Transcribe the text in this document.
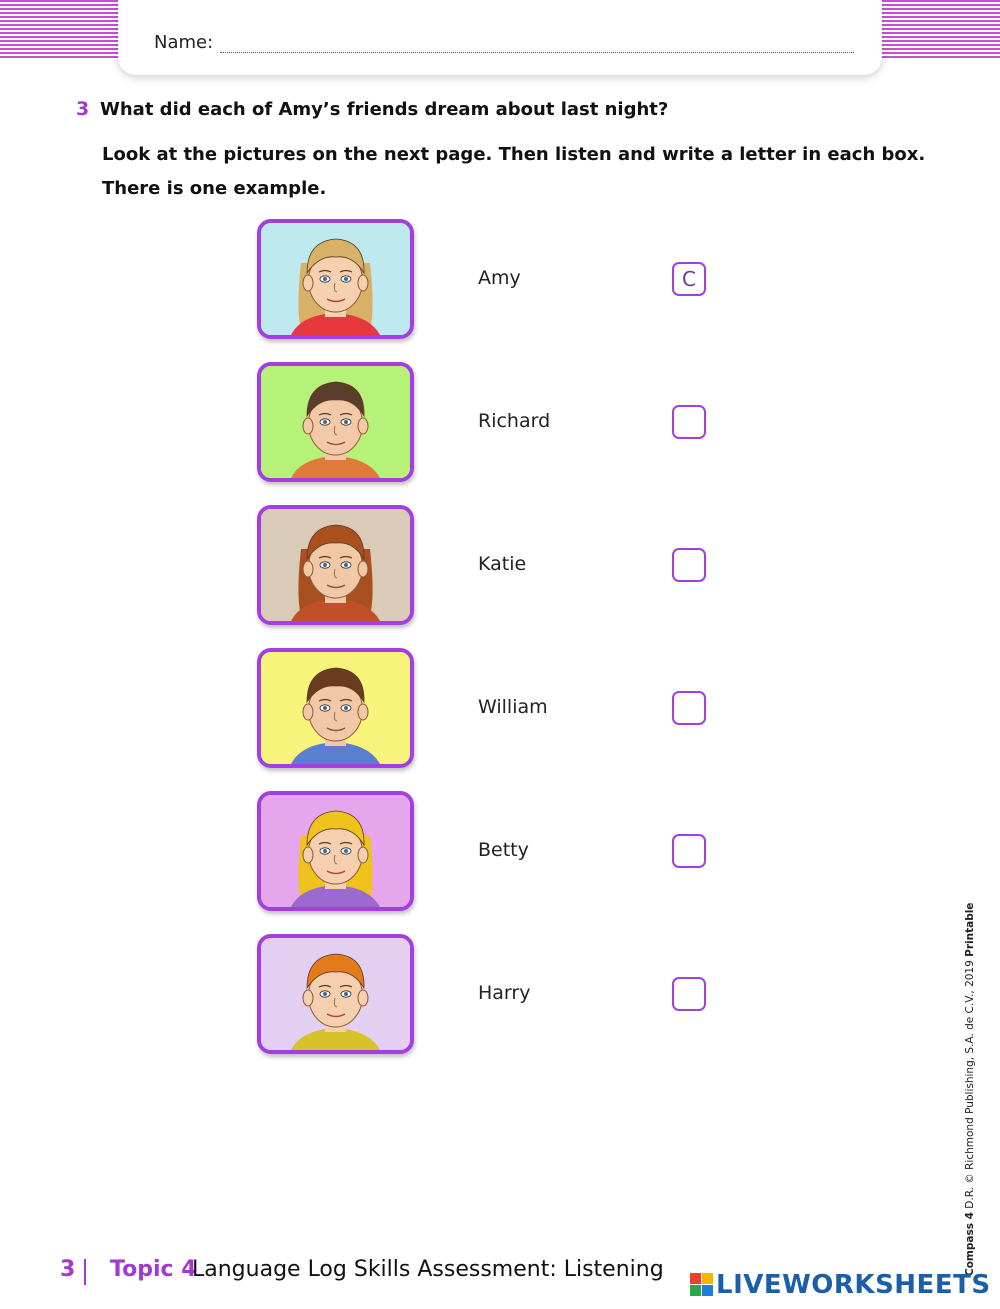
Name:
3 What did each of Amy’s friends dream about last night?
Look at the pictures on the next page. Then listen and write a letter in each box. There is one example.
Amy
C
Richard
Katie
William
Betty
Harry
Compass 4 D.R. © Richmond Publishing, S.A. de C.V., 2019 Printable
3 Topic 4
Language Log Skills Assessment: Listening
LIVEWORKSHEETS
